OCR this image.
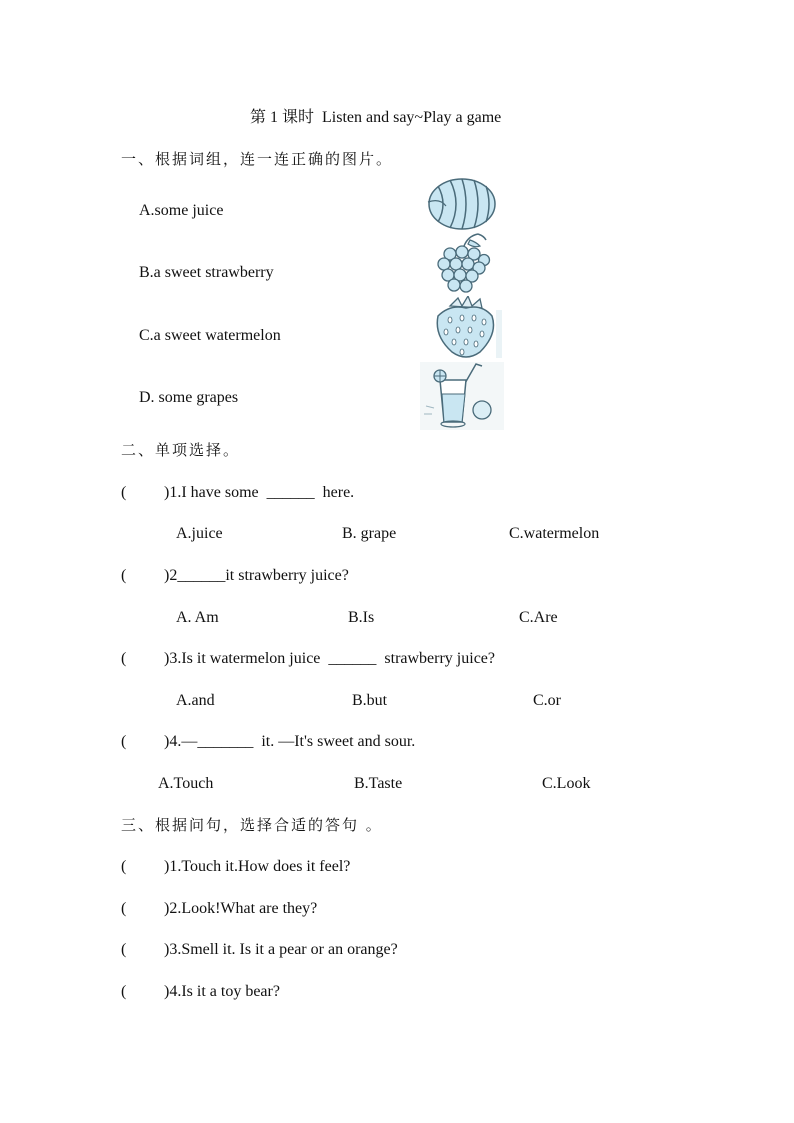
第 1 课时  Listen and say~Play a game
一、根据词组，连一连正确的图片。
A.some juice
B.a sweet strawberry
C.a sweet watermelon
D. some grapes
二、单项选择。
( )1.I have some  ______  here.
A.juice	B. grape	C.watermelon
( )2______it strawberry juice?
A. Am	B.Is	C.Are
( )3.Is it watermelon juice  ______  strawberry juice?
A.and	B.but	C.or
( )4.—_______  it. —It's sweet and sour.
A.Touch	B.Taste	C.Look
三、根据问句，选择合适的答句 。
( )1.Touch it.How does it feel?
( )2.Look!What are they?
( )3.Smell it. Is it a pear or an orange?
( )4.Is it a toy bear?
